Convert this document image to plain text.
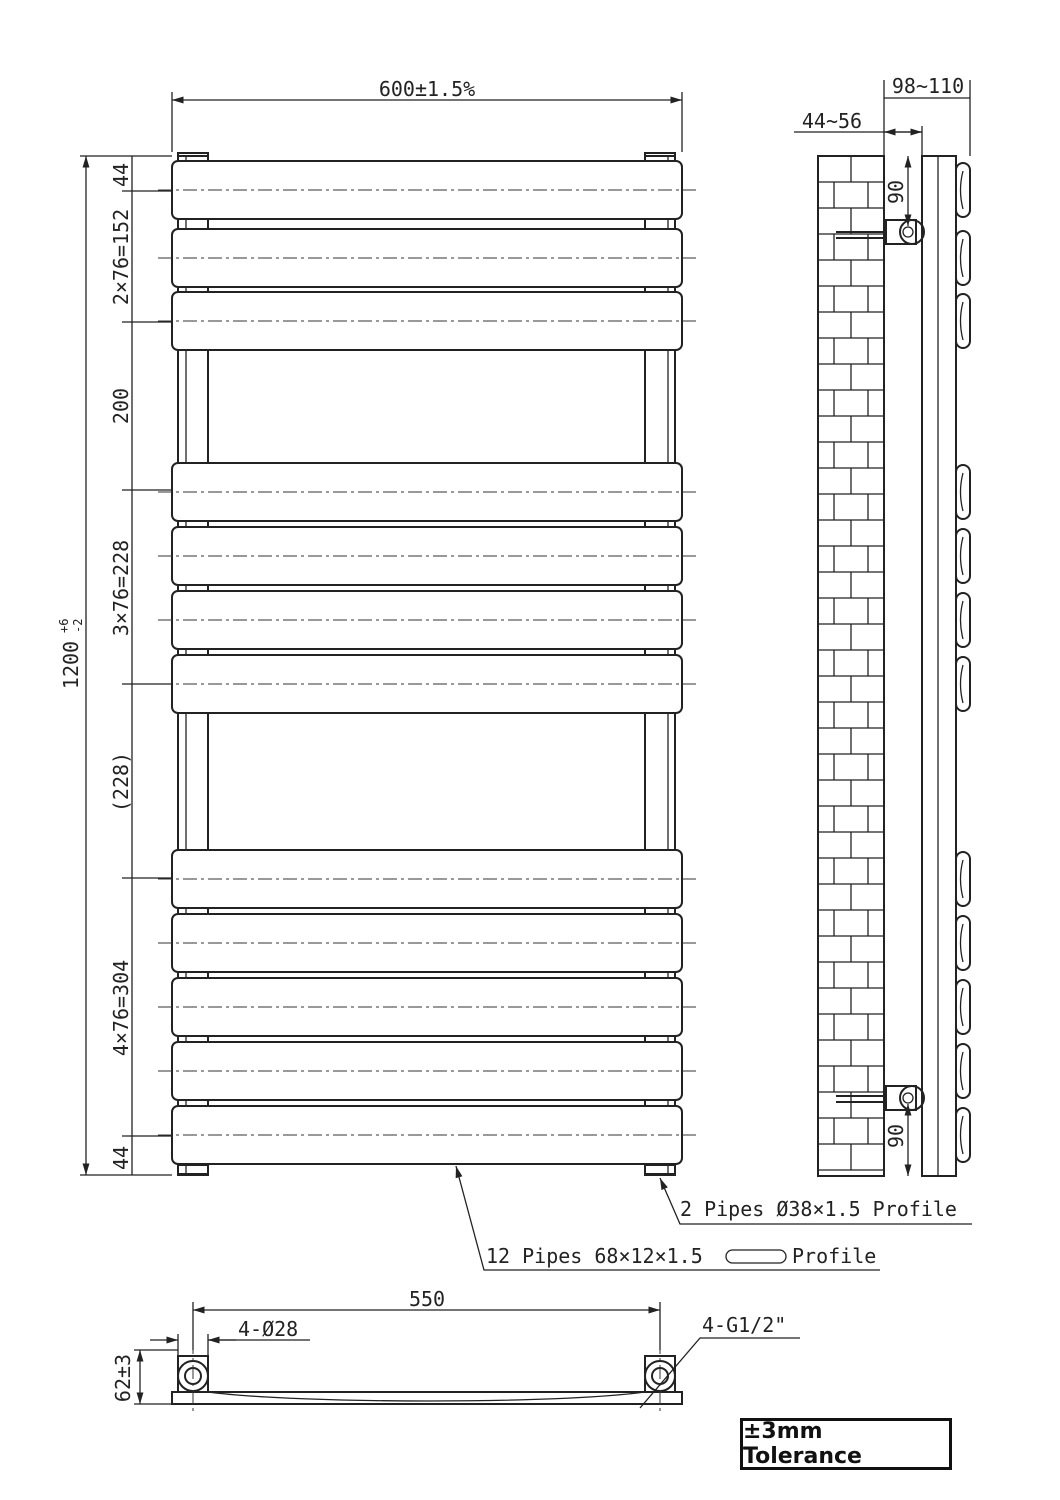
600±1.5%
1200
+6 -2
44
2×76=152
200
3×76=228
(228)
4×76=304
44
2 Pipes Ø38×1.5 Profile
12 Pipes 68×12×1.5	Profile
98~110
44~56
90
90
550
4-Ø28	4-G1/2"
62±3
±3mm Tolerance
